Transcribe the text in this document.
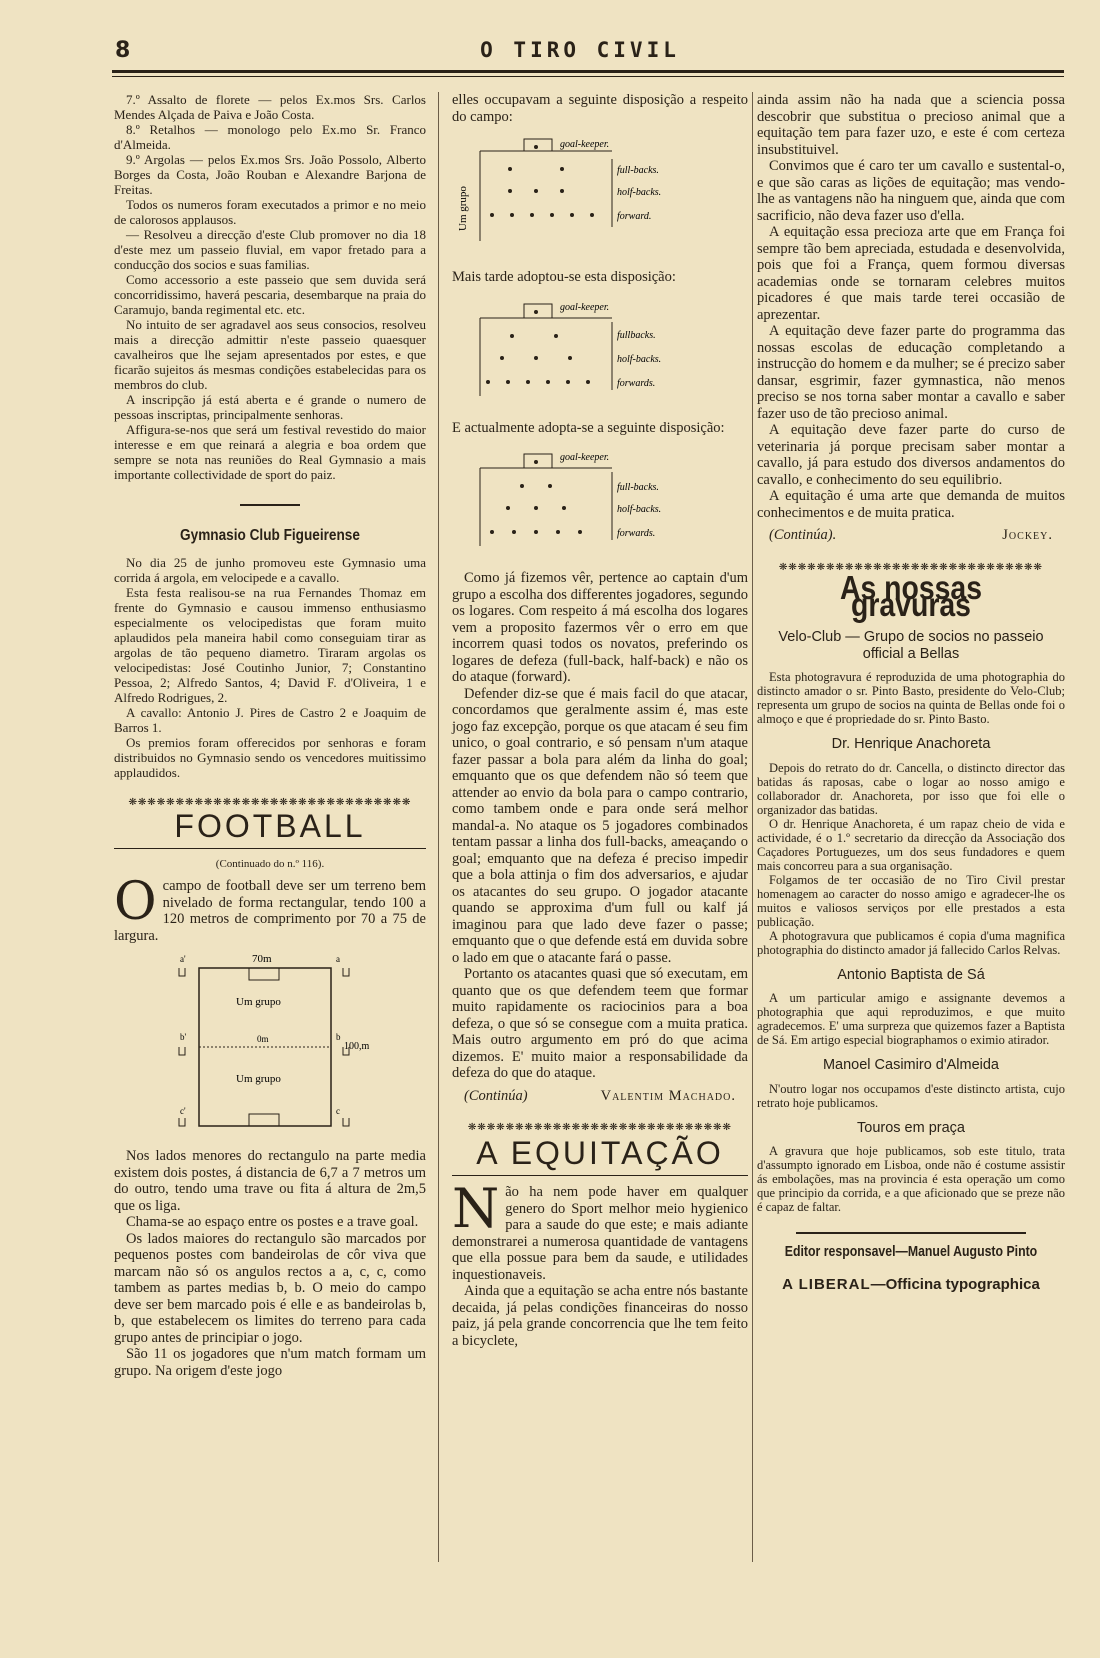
8	O TIRO CIVIL

7.º Assalto de florete — pelos Ex.mos Srs. Carlos Mendes Alçada de Paiva e João Costa.

8.º Retalhos — monologo pelo Ex.mo Sr. Franco d'Almeida.

9.º Argolas — pelos Ex.mos Srs. João Possolo, Alberto Borges da Costa, João Rouban e Alexandre Barjona de Freitas.

Todos os numeros foram executados a primor e no meio de calorosos applausos.

— Resolveu a direcção d'este Club promover no dia 18 d'este mez um passeio fluvial, em vapor fretado para a conducção dos socios e suas familias.

Como accessorio a este passeio que sem duvida será concorridissimo, haverá pescaria, desembarque na praia do Caramujo, banda regimental etc. etc.

No intuito de ser agradavel aos seus consocios, resolveu mais a direcção admittir n'este passeio quaesquer cavalheiros que lhe sejam apresentados por estes, e que ficarão sujeitos ás mesmas condições estabelecidas para os membros do club.

A inscripção já está aberta e é grande o numero de pessoas inscriptas, principalmente senhoras.

Affigura-se-nos que será um festival revestido do maior interesse e em que reinará a alegria e boa ordem que sempre se nota nas reuniões do Real Gymnasio a mais importante collectividade de sport do paiz.

Gymnasio Club Figueirense

No dia 25 de junho promoveu este Gymnasio uma corrida á argola, em velocipede e a cavallo.

Esta festa realisou-se na rua Fernandes Thomaz em frente do Gymnasio e causou immenso enthusiasmo especialmente os velocipedistas que foram muito aplaudidos pela maneira habil como conseguiam tirar as argolas de tão pequeno diametro. Tiraram argolas os velocipedistas: José Coutinho Junior, 7; Constantino Pessoa, 2; Alfredo Santos, 4; David F. d'Oliveira, 1 e Alfredo Rodrigues, 2.

A cavallo: Antonio J. Pires de Castro 2 e Joaquim de Barros 1.

Os premios foram offerecidos por senhoras e foram distribuidos no Gymnasio sendo os vencedores muitissimo applaudidos.

❋❋❋❋❋❋❋❋❋❋❋❋❋❋❋❋❋❋❋❋❋❋❋❋❋❋❋❋❋❋
FOOTBALL
(Continuado do n.º 116).
O campo de football deve ser um terreno bem nivelado de forma rectangular, tendo 100 a 120 metros de comprimento por 70 a 75 de largura.
70m
Um grupo
0m
Um grupo
100,m
a'	a
b'	b
c'	c

Nos lados menores do rectangulo na parte media existem dois postes, á distancia de 6,7 a 7 metros um do outro, tendo uma trave ou fita á altura de 2m,5 que os liga.

Chama-se ao espaço entre os postes e a trave goal.

Os lados maiores do rectangulo são marcados por pequenos postes com bandeirolas de côr viva que marcam não só os angulos rectos a a, c, c, como tambem as partes medias b, b. O meio do campo deve ser bem marcado pois é elle e as bandeirolas b, b, que estabelecem os limites do terreno para cada grupo antes de principiar o jogo.

São 11 os jogadores que n'um match formam um grupo. Na origem d'este jogo

elles occupavam a seguinte disposição a respeito do campo:

Um grupo
goal-keeper.
full-backs.
holf-backs.
forward.

Mais tarde adoptou-se esta disposição:

goal-keeper.
fullbacks.
holf-backs.
forwards.

E actualmente adopta-se a seguinte disposição:

goal-keeper.
full-backs.
holf-backs.
forwards.

Como já fizemos vêr, pertence ao captain d'um grupo a escolha dos differentes jogadores, segundo os logares. Com respeito á má escolha dos logares vem a proposito fazermos vêr o erro em que incorrem quasi todos os novatos, preferindo os logares de defeza (full-back, half-back) e não os do ataque (forward).

Defender diz-se que é mais facil do que atacar, concordamos que geralmente assim é, mas este jogo faz excepção, porque os que atacam é seu fim unico, o goal contrario, e só pensam n'um ataque fazer passar a bola para além da linha do goal; emquanto que os que defendem não só teem que attender ao envio da bola para o campo contrario, como tambem onde e para onde será melhor mandal-a. No ataque os 5 jogadores combinados tentam passar a linha dos full-backs, ameaçando o goal; emquanto que na defeza é preciso impedir que a bola attinja o fim dos adversarios, e ajudar os atacantes do seu grupo. O jogador atacante quando se approxima d'um full ou kalf já imaginou para que lado deve fazer o passe; emquanto que o que defende está em duvida sobre o lado em que o atacante fará o passe.

Portanto os atacantes quasi que só executam, em quanto que os que defendem teem que formar muito rapidamente os raciocinios para a boa defeza, o que só se consegue com a muita pratica. Mais outro argumento em pró do que acima dizemos. E' muito maior a responsabilidade da defeza do que do ataque.

(Continúa)	Valentim Machado.
❋❋❋❋❋❋❋❋❋❋❋❋❋❋❋❋❋❋❋❋❋❋❋❋❋❋❋❋
A EQUITAÇÃO
N ão ha nem pode haver em qualquer genero do Sport melhor meio hygienico para a saude do que este; e mais adiante demonstrarei a numerosa quantidade de vantagens que ella possue para bem da saude, e utilidades inquestionaveis.

Ainda que a equitação se acha entre nós bastante decaida, já pelas condições financeiras do nosso paiz, já pela grande concorrencia que lhe tem feito a bicyclete,

ainda assim não ha nada que a sciencia possa descobrir que substitua o precioso animal que a equitação tem para fazer uzo, e este é com certeza insubstituivel.

Convimos que é caro ter um cavallo e sustental-o, e que são caras as lições de equitação; mas vendo-lhe as vantagens não ha ninguem que, ainda que com sacrificio, não deva fazer uso d'ella.

A equitação essa precioza arte que em França foi sempre tão bem apreciada, estudada e desenvolvida, pois que foi a França, quem formou diversas academias onde se tornaram celebres muitos picadores é que mais tarde terei occasião de aprezentar.

A equitação deve fazer parte do programma das nossas escolas de educação completando a instrucção do homem e da mulher; se é precizo saber dansar, esgrimir, fazer gymnastica, não menos preciso se nos torna saber montar a cavallo e saber fazer uso de tão precioso animal.

A equitação deve fazer parte do curso de veterinaria já porque precisam saber montar a cavallo, já para estudo dos diversos andamentos do cavallo, e conhecimento do seu equilibrio.

A equitação é uma arte que demanda de muitos conhecimentos e de muita pratica.

(Continúa).	Jockey.
❋❋❋❋❋❋❋❋❋❋❋❋❋❋❋❋❋❋❋❋❋❋❋❋❋❋❋❋
As nossas gravuras
Velo-Club — Grupo de socios no passeio official a Bellas

Esta photogravura é reproduzida de uma photographia do distincto amador o sr. Pinto Basto, presidente do Velo-Club; representa um grupo de socios na quinta de Bellas onde foi o almoço e que é propriedade do sr. Pinto Basto.

Dr. Henrique Anachoreta

Depois do retrato do dr. Cancella, o distincto director das batidas ás raposas, cabe o logar ao nosso amigo e collaborador dr. Anachoreta, por isso que foi elle o organizador das batidas.

O dr. Henrique Anachoreta, é um rapaz cheio de vida e actividade, é o 1.º secretario da direcção da Associação dos Caçadores Portuguezes, um dos seus fundadores e quem mais concorreu para a sua organisação.

Folgamos de ter occasião de no Tiro Civil prestar homenagem ao caracter do nosso amigo e agradecer-lhe os muitos e valiosos serviços por elle prestados a esta publicação.

A photogravura que publicamos é copia d'uma magnifica photographia do distincto amador já fallecido Carlos Relvas.

Antonio Baptista de Sá

A um particular amigo e assignante devemos a photographia que aqui reproduzimos, e que muito agradecemos. E' uma surpreza que quizemos fazer a Baptista de Sá. Em artigo especial biographamos o eximio atirador.

Manoel Casimiro d'Almeida

N'outro logar nos occupamos d'este distincto artista, cujo retrato hoje publicamos.

Touros em praça

A gravura que hoje publicamos, sob este titulo, trata d'assumpto ignorado em Lisboa, onde não é costume assistir ás embolações, mas na provincia é esta operação um como que principio da corrida, e a que aficionado que se preze não é capaz de faltar.

Editor responsavel—Manuel Augusto Pinto
A LIBERAL—Officina typographica
